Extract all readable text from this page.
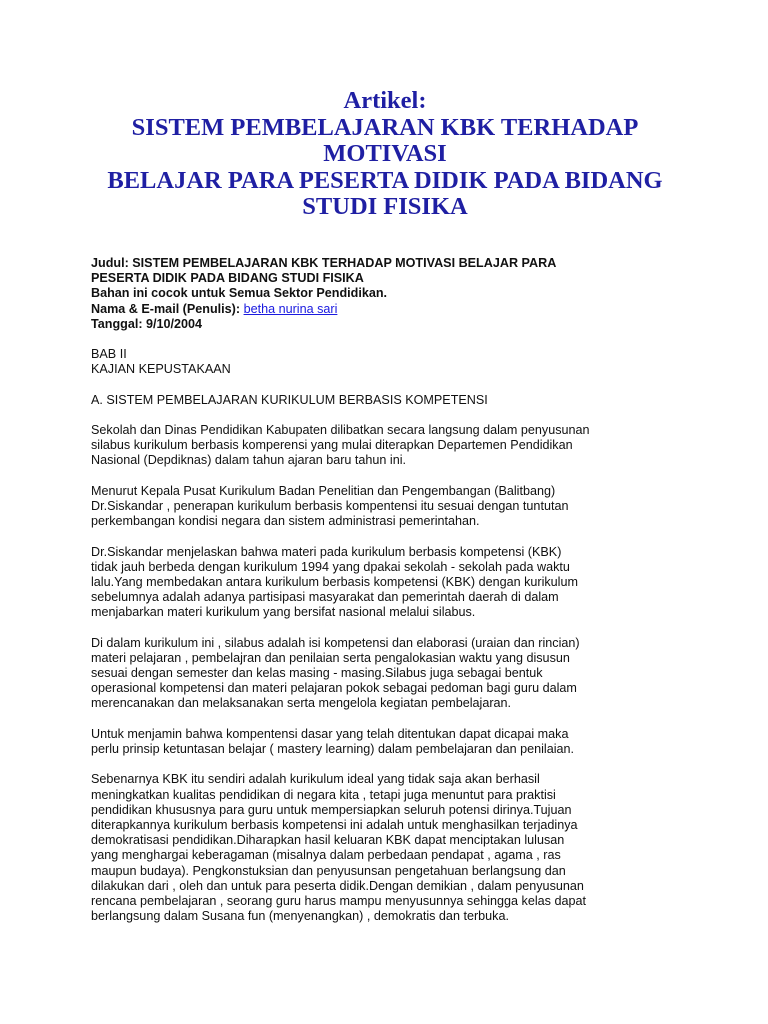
Artikel:
SISTEM PEMBELAJARAN KBK TERHADAP
MOTIVASI
BELAJAR PARA PESERTA DIDIK PADA BIDANG
STUDI FISIKA
Judul: SISTEM PEMBELAJARAN KBK TERHADAP MOTIVASI BELAJAR PARA
PESERTA DIDIK PADA BIDANG STUDI FISIKA
Bahan ini cocok untuk Semua Sektor Pendidikan.
Nama & E-mail (Penulis): betha nurina sari
Tanggal: 9/10/2004
BAB II
KAJIAN KEPUSTAKAAN
A. SISTEM PEMBELAJARAN KURIKULUM BERBASIS KOMPETENSI
Sekolah dan Dinas Pendidikan Kabupaten dilibatkan secara langsung dalam penyusunan
silabus kurikulum berbasis komperensi yang mulai diterapkan Departemen Pendidikan
Nasional (Depdiknas) dalam tahun ajaran baru tahun ini.
Menurut Kepala Pusat Kurikulum Badan Penelitian dan Pengembangan (Balitbang)
Dr.Siskandar , penerapan kurikulum berbasis kompentensi itu sesuai dengan tuntutan
perkembangan kondisi negara dan sistem administrasi pemerintahan.
Dr.Siskandar menjelaskan bahwa materi pada kurikulum berbasis kompetensi (KBK)
tidak jauh berbeda dengan kurikulum 1994 yang dpakai sekolah - sekolah pada waktu
lalu.Yang membedakan antara kurikulum berbasis kompetensi (KBK) dengan kurikulum
sebelumnya adalah adanya partisipasi masyarakat dan pemerintah daerah di dalam
menjabarkan materi kurikulum yang bersifat nasional melalui silabus.
Di dalam kurikulum ini , silabus adalah isi kompetensi dan elaborasi (uraian dan rincian)
materi pelajaran , pembelajran dan penilaian serta pengalokasian waktu yang disusun
sesuai dengan semester dan kelas masing - masing.Silabus juga sebagai bentuk
operasional kompetensi dan materi pelajaran pokok sebagai pedoman bagi guru dalam
merencanakan dan melaksanakan serta mengelola kegiatan pembelajaran.
Untuk menjamin bahwa kompentensi dasar yang telah ditentukan dapat dicapai maka
perlu prinsip ketuntasan belajar ( mastery learning) dalam pembelajaran dan penilaian.
Sebenarnya KBK itu sendiri adalah kurikulum ideal yang tidak saja akan berhasil
meningkatkan kualitas pendidikan di negara kita , tetapi juga menuntut para praktisi
pendidikan khususnya para guru untuk mempersiapkan seluruh potensi dirinya.Tujuan
diterapkannya kurikulum berbasis kompetensi ini adalah untuk menghasilkan terjadinya
demokratisasi pendidikan.Diharapkan hasil keluaran KBK dapat menciptakan lulusan
yang menghargai keberagaman (misalnya dalam perbedaan pendapat , agama , ras
maupun budaya). Pengkonstuksian dan penyusunsan pengetahuan berlangsung dan
dilakukan dari , oleh dan untuk para peserta didik.Dengan demikian , dalam penyusunan
rencana pembelajaran , seorang guru harus mampu menyusunnya sehingga kelas dapat
berlangsung dalam Susana fun (menyenangkan) , demokratis dan terbuka.
